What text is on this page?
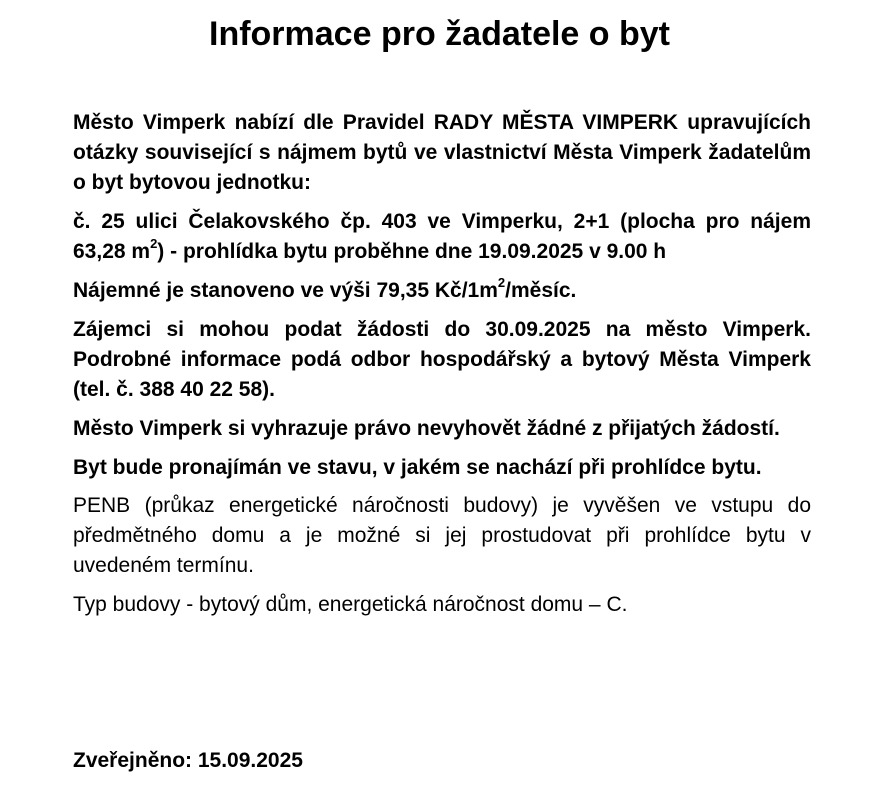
Informace pro žadatele o byt

Město Vimperk nabízí dle Pravidel RADY MĚSTA VIMPERK upravujících otázky související s nájmem bytů ve vlastnictví Města Vimperk žadatelům o byt bytovou jednotku:

č. 25 ulici Čelakovského čp. 403 ve Vimperku, 2+1 (plocha pro nájem 63,28 $m^2$) - prohlídka bytu proběhne dne 19.09.2025 v 9.00 h

Nájemné je stanoveno ve výši 79,35 $Kč/1m^2$/měsíc.

Zájemci si mohou podat žádosti do 30.09.2025 na město Vimperk. Podrobné informace podá odbor hospodářský a bytový Města Vimperk (tel. č. 388 40 22 58).

Město Vimperk si vyhrazuje právo nevyhovět žádné z přijatých žádostí.

Byt bude pronajímán ve stavu, v jakém se nachází při prohlídce bytu.

PENB (průkaz energetické náročnosti budovy) je vyvěšen ve vstupu do předmětného domu a je možné si jej prostudovat při prohlídce bytu v uvedeném termínu.

Typ budovy - bytový dům, energetická náročnost domu – C.

Zveřejněno: 15.09.2025
